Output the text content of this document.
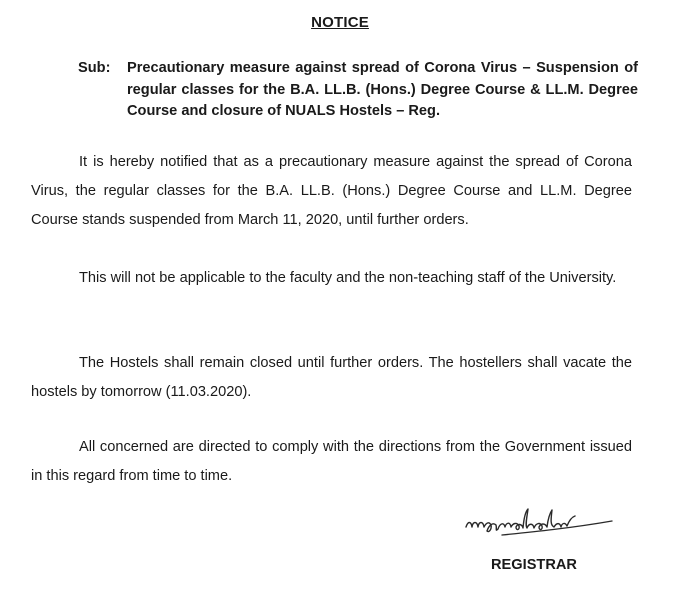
NOTICE
Sub: Precautionary measure against spread of Corona Virus – Suspension of regular classes for the B.A. LL.B. (Hons.) Degree Course & LL.M. Degree Course and closure of NUALS Hostels – Reg.
It is hereby notified that as a precautionary measure against the spread of Corona Virus, the regular classes for the B.A. LL.B. (Hons.) Degree Course and LL.M. Degree Course stands suspended from March 11, 2020, until further orders.
This will not be applicable to the faculty and the non-teaching staff of the University.
The Hostels shall remain closed until further orders. The hostellers shall vacate the hostels by tomorrow (11.03.2020).
All concerned are directed to comply with the directions from the Government issued in this regard from time to time.
REGISTRAR
